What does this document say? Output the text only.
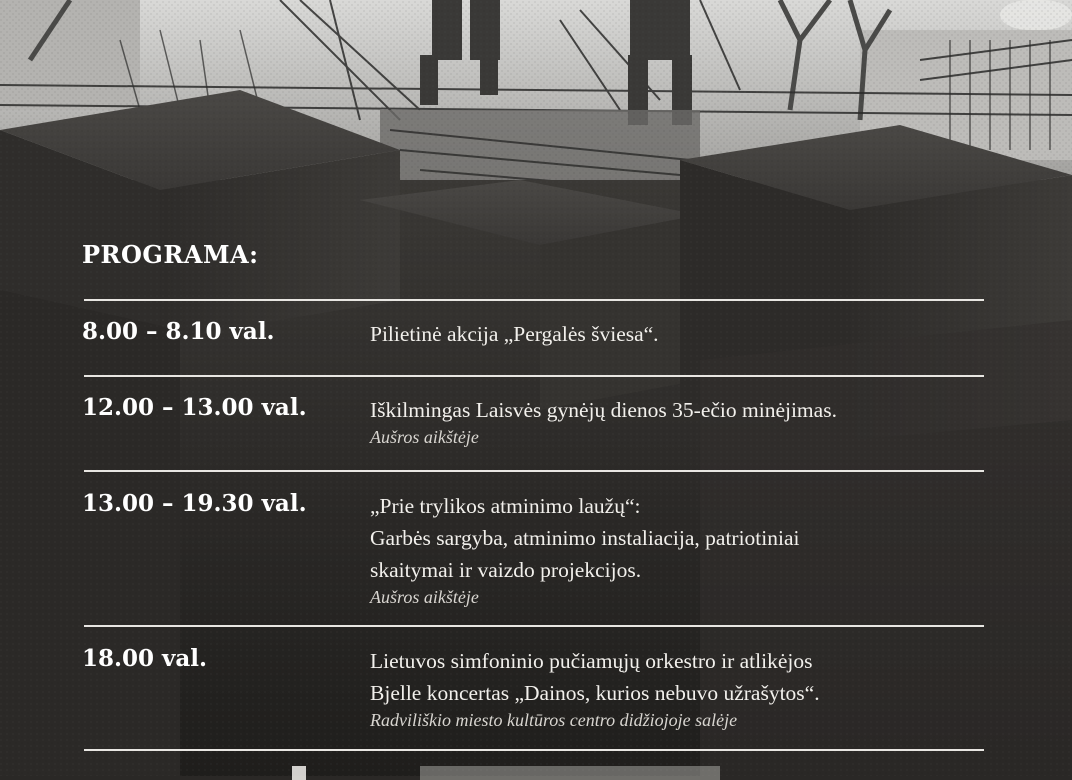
PROGRAMA:
8.00 – 8.10 val.	Pilietinė akcija „Pergalės šviesa“.
12.00 – 13.00 val.	Iškilmingas Laisvės gynėjų dienos 35-ečio minėjimas.
Aušros aikštėje
13.00 – 19.30 val.	„Prie trylikos atminimo laužų“:
Garbės sargyba, atminimo instaliacija, patriotiniai
skaitymai ir vaizdo projekcijos.
Aušros aikštėje
18.00 val.	Lietuvos simfoninio pučiamųjų orkestro ir atlikėjos
Bjelle koncertas „Dainos, kurios nebuvo užrašytos“.
Radviliškio miesto kultūros centro didžiojoje salėje
